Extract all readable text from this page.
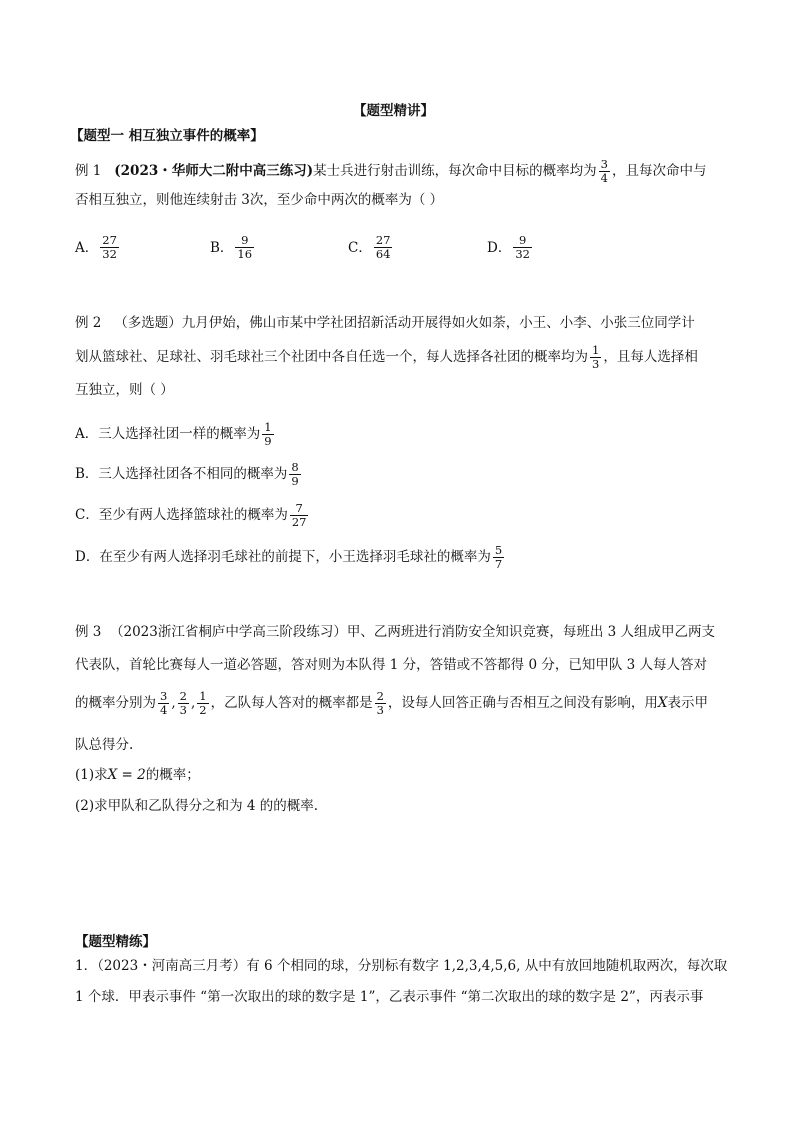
【题型精讲】
【题型一 相互独立事件的概率】
例 1
(2023・华师大二附中高三练习) 某士兵进行射击训练，每次命中目标的概率均为 $\frac{3}{4}$ ，且每次命中与
否相互独立，则他连续射击 3次，至少命中两次的概率为（ ）
A． $\frac{27}{32}$	B． $\frac{9}{16}$	C． $\frac{27}{64}$	D． $\frac{9}{32}$
例 2 （多选题）九月伊始，佛山市某中学社团招新活动开展得如火如荼，小王、小李、小张三位同学计
划从篮球社、足球社、羽毛球社三个社团中各自任选一个，每人选择各社团的概率均为 $\frac{1}{3}$ ，且每人选择相
互独立，则（ ）
A．三人选择社团一样的概率为 $\frac{1}{9}$
B．三人选择社团各不相同的概率为 $\frac{8}{9}$
C．至少有两人选择篮球社的概率为 $\frac{7}{27}$
D．在至少有两人选择羽毛球社的前提下，小王选择羽毛球社的概率为 $\frac{5}{7}$
例 3 （2023浙江省桐庐中学高三阶段练习）甲、乙两班进行消防安全知识竞赛，每班出 3 人组成甲乙两支
代表队，首轮比赛每人一道必答题，答对则为本队得 1 分，答错或不答都得 0 分，已知甲队 3 人每人答对
的概率分别为 $\frac{3}{4}$ , $\frac{2}{3}$ , $\frac{1}{2}$ ，乙队每人答对的概率都是 $\frac{2}{3}$ ，设每人回答正确与否相互之间没有影响，用 X 表示甲
队总得分.
(1)求X = 2的概率；
(2)求甲队和乙队得分之和为 4 的的概率.
【题型精练】
1．（2023・河南高三月考）有 6 个相同的球，分别标有数字 1,2,3,4,5,6, 从中有放回地随机取两次，每次取
1 个球．甲表示事件 “第一次取出的球的数字是 1”，乙表示事件 “第二次取出的球的数字是 2”，丙表示事
